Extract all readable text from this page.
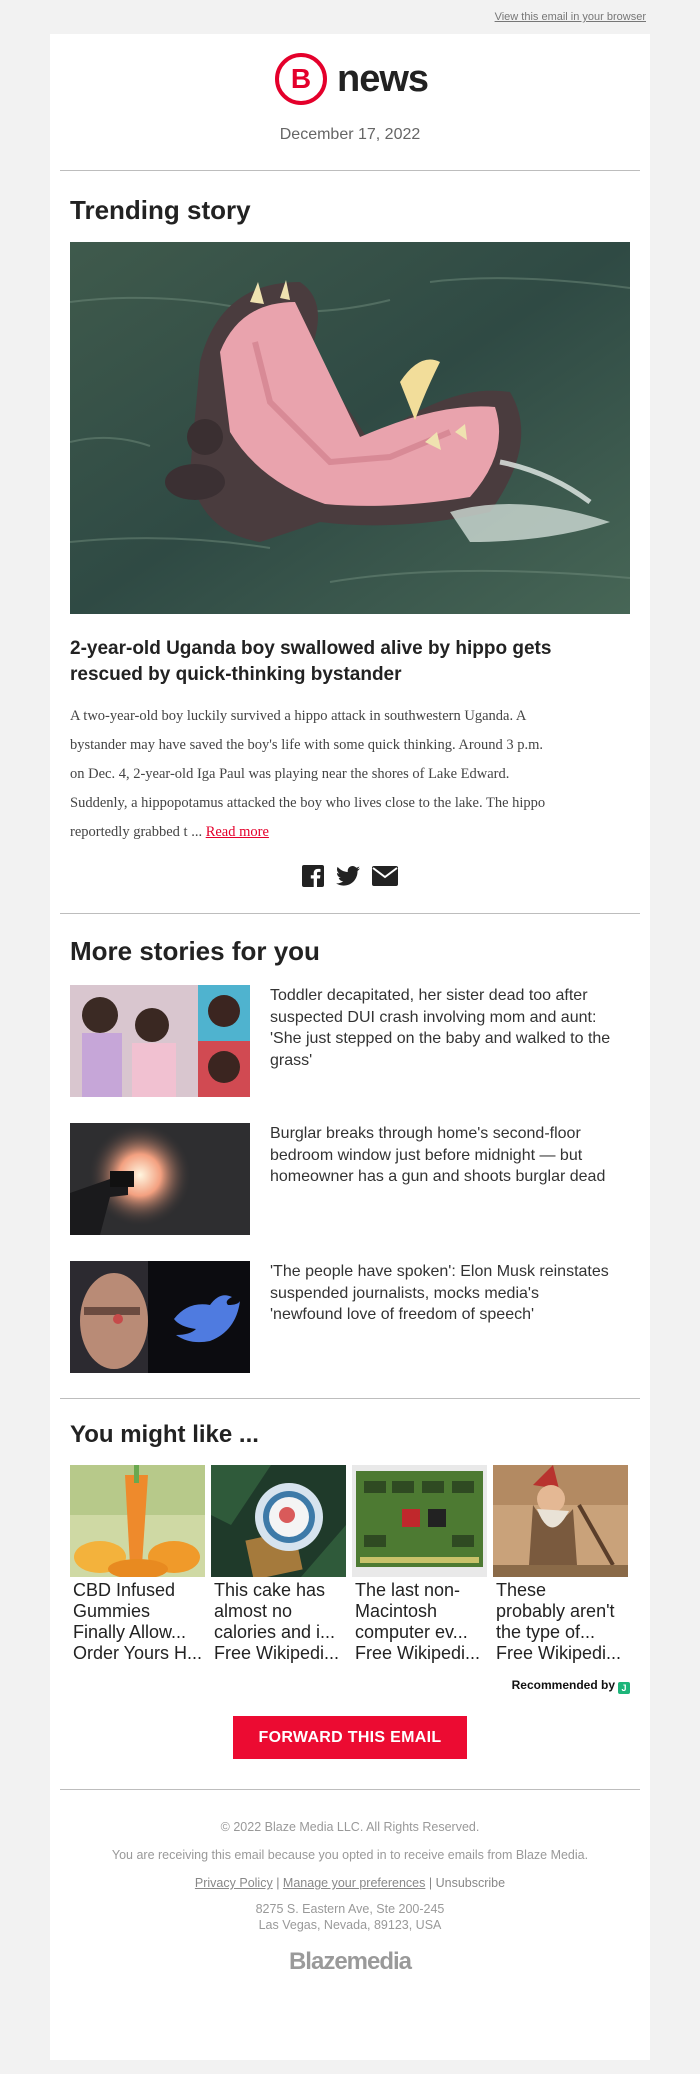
View this email in your browser
B news
December 17, 2022
Trending story
2-year-old Uganda boy swallowed alive by hippo gets
rescued by quick-thinking bystander
A two-year-old boy luckily survived a hippo attack in southwestern Uganda. A
bystander may have saved the boy's life with some quick thinking. Around 3 p.m.
on Dec. 4, 2-year-old Iga Paul was playing near the shores of Lake Edward.
Suddenly, a hippopotamus attacked the boy who lives close to the lake. The hippo
reportedly grabbed t ... Read more
More stories for you
Toddler decapitated, her sister dead too after
suspected DUI crash involving mom and aunt:
'She just stepped on the baby and walked to the
grass'
Burglar breaks through home's second-floor
bedroom window just before midnight — but
homeowner has a gun and shoots burglar dead
'The people have spoken': Elon Musk reinstates
suspended journalists, mocks media's
'newfound love of freedom of speech'
You might like ...
CBD Infused
Gummies
Finally Allow...
Order Yours H...
This cake has
almost no
calories and i...
Free Wikipedi...
The last non-
Macintosh
computer ev...
Free Wikipedi...
These
probably aren't
the type of...
Free Wikipedi...
Recommended by J
FORWARD THIS EMAIL
© 2022 Blaze Media LLC. All Rights Reserved.
You are receiving this email because you opted in to receive emails from Blaze Media.
Privacy Policy | Manage your preferences | Unsubscribe
8275 S. Eastern Ave, Ste 200-245
Las Vegas, Nevada, 89123, USA
Blazemedia
